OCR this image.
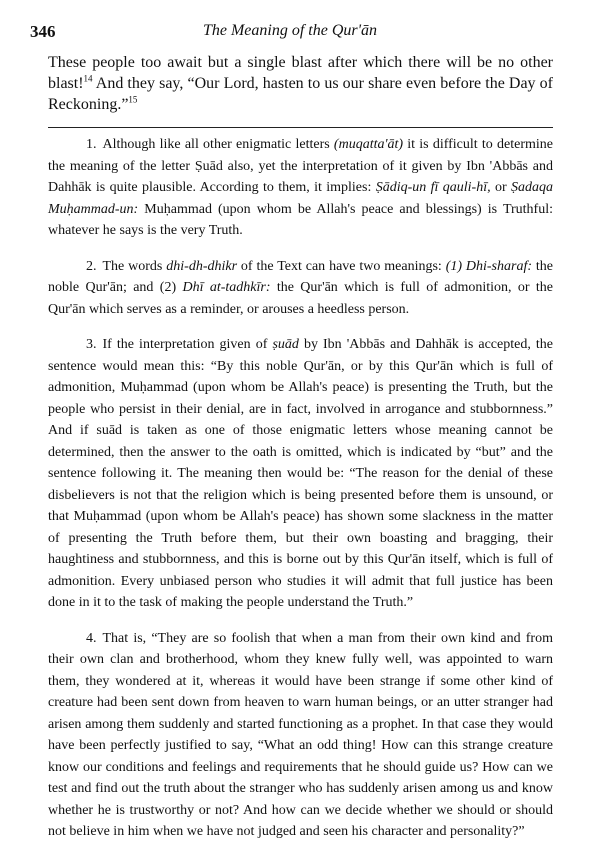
346	The Meaning of the Qur'ān

These people too await but a single blast after which there will be no other blast!$^{14}$ And they say, “Our Lord, hasten to us our share even before the Day of Reckoning.”$^{15}$

1. Although like all other enigmatic letters (muqatta'āt) it is difficult to determine the meaning of the letter Ṣuād also, yet the interpretation of it given by Ibn 'Abbās and Dahhāk is quite plausible. According to them, it implies: Ṣādiq-un fī qauli-hī, or Ṣadaqa Muḥammad-un: Muḥammad (upon whom be Allah's peace and blessings) is Truthful: whatever he says is the very Truth.

2. The words dhi-dh-dhikr of the Text can have two meanings: (1) Dhi-sharaf: the noble Qur'ān; and (2) Dhī at-tadhkīr: the Qur'ān which is full of admonition, or the Qur'ān which serves as a reminder, or arouses a heedless person.

3. If the interpretation given of ṣuād by Ibn 'Abbās and Dahhāk is accepted, the sentence would mean this: “By this noble Qur'ān, or by this Qur'ān which is full of admonition, Muḥammad (upon whom be Allah's peace) is presenting the Truth, but the people who persist in their denial, are in fact, involved in arrogance and stubbornness.” And if suād is taken as one of those enigmatic letters whose meaning cannot be determined, then the answer to the oath is omitted, which is indicated by “but” and the sentence following it. The meaning then would be: “The reason for the denial of these disbelievers is not that the religion which is being presented before them is unsound, or that Muḥammad (upon whom be Allah's peace) has shown some slackness in the matter of presenting the Truth before them, but their own boasting and bragging, their haughtiness and stubbornness, and this is borne out by this Qur'ān itself, which is full of admonition. Every unbiased person who studies it will admit that full justice has been done in it to the task of making the people understand the Truth.”

4. That is, “They are so foolish that when a man from their own kind and from their own clan and brotherhood, whom they knew fully well, was appointed to warn them, they wondered at it, whereas it would have been strange if some other kind of creature had been sent down from heaven to warn human beings, or an utter stranger had arisen among them suddenly and started functioning as a prophet. In that case they would have been perfectly justified to say, “What an odd thing! How can this strange creature know our conditions and feelings and requirements that he should guide us? How can we test and find out the truth about the stranger who has suddenly arisen among us and know whether he is trustworthy or not? And how can we decide whether we should or should not believe in him when we have not judged and seen his character and personality?”
